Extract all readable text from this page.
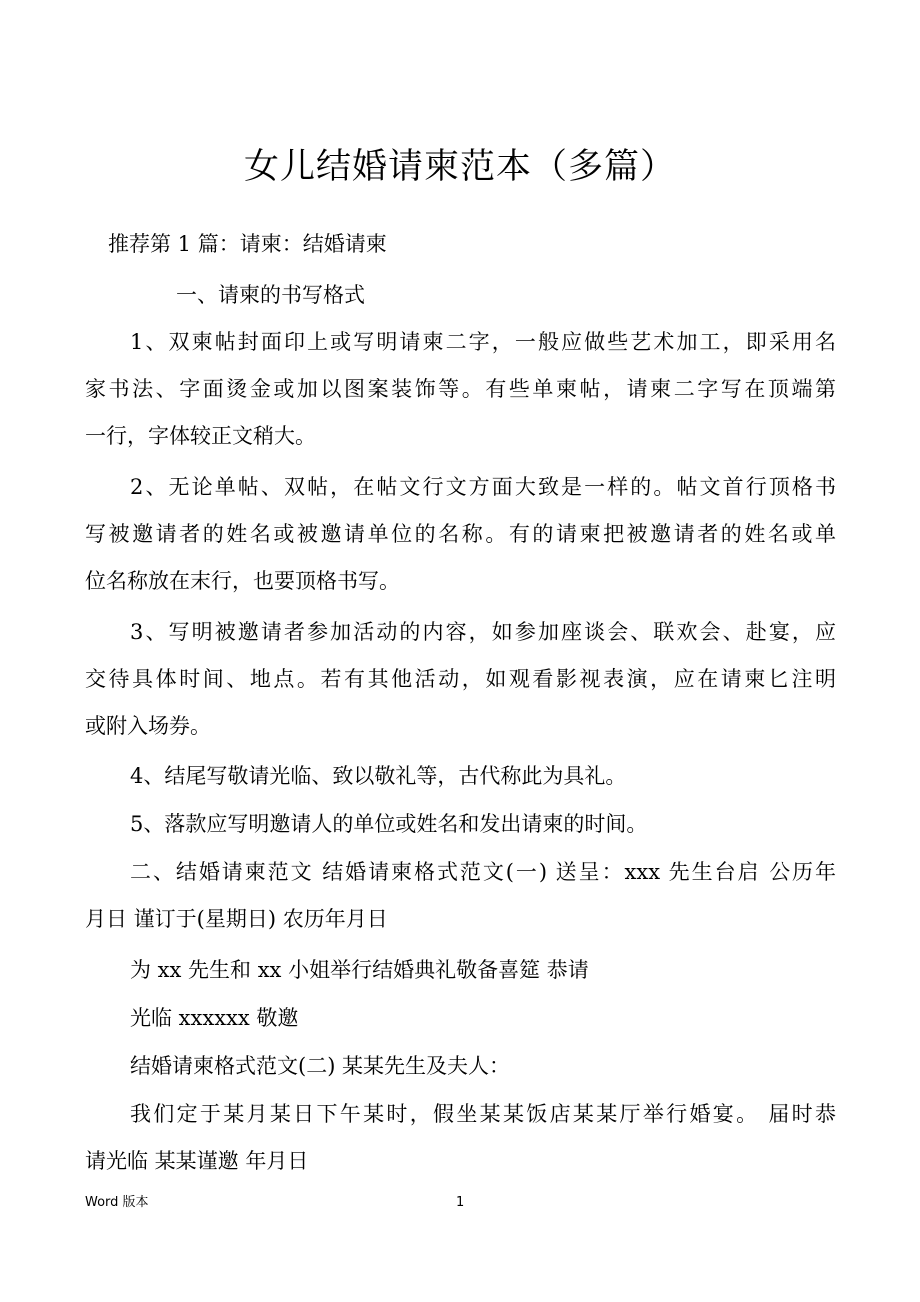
女儿结婚请柬范本（多篇）

推荐第 1 篇：请柬：结婚请柬

一、请柬的书写格式

1、双柬帖封面印上或写明请柬二字，一般应做些艺术加工，即采用名

家书法、字面烫金或加以图案装饰等。有些单柬帖，请柬二字写在顶端第

一行，字体较正文稍大。

2、无论单帖、双帖，在帖文行文方面大致是一样的。帖文首行顶格书

写被邀请者的姓名或被邀请单位的名称。有的请柬把被邀请者的姓名或单

位名称放在末行，也要顶格书写。

3、写明被邀请者参加活动的内容，如参加座谈会、联欢会、赴宴，应

交待具体时间、地点。若有其他活动，如观看影视表演，应在请柬匕注明

或附入场券。

4、结尾写敬请光临、致以敬礼等，古代称此为具礼。

5、落款应写明邀请人的单位或姓名和发出请柬的时间。

二、结婚请柬范文 结婚请柬格式范文(一) 送呈：xxx 先生台启 公历年

月日 谨订于(星期日) 农历年月日

为 xx 先生和 xx 小姐举行结婚典礼敬备喜筵 恭请

光临 xxxxxx 敬邀

结婚请柬格式范文(二) 某某先生及夫人：

我们定于某月某日下午某时，假坐某某饭店某某厅举行婚宴。 届时恭

请光临 某某谨邀 年月日

Word 版本	1
